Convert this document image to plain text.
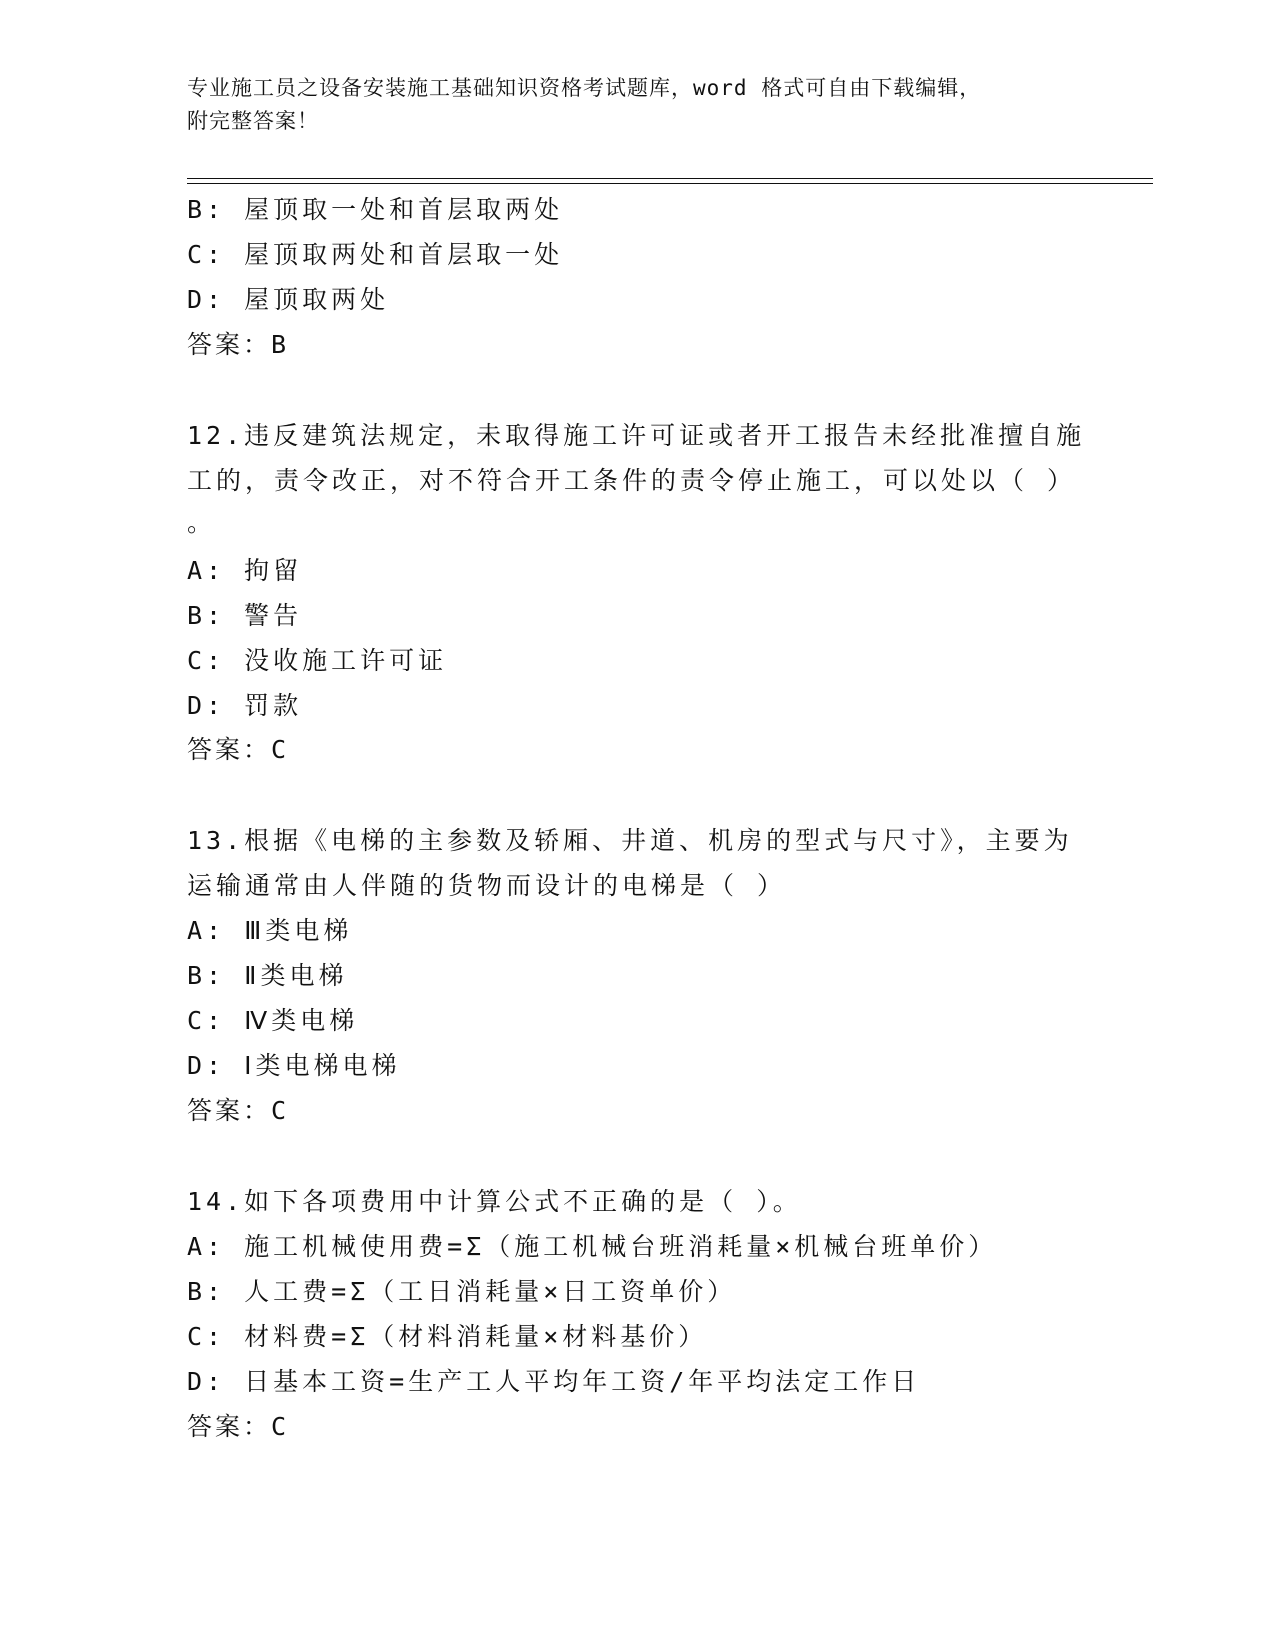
专业施工员之设备安装施工基础知识资格考试题库，word 格式可自由下载编辑，
附完整答案！
B: 屋顶取一处和首层取两处
C: 屋顶取两处和首层取一处
D: 屋顶取两处
答案：B
12.违反建筑法规定，未取得施工许可证或者开工报告未经批准擅自施
工的，责令改正，对不符合开工条件的责令停止施工，可以处以（ ）
。
A: 拘留
B: 警告
C: 没收施工许可证
D: 罚款
答案：C
13.根据《电梯的主参数及轿厢、井道、机房的型式与尺寸》，主要为
运输通常由人伴随的货物而设计的电梯是（ ）
A: Ⅲ类电梯
B: Ⅱ类电梯
C: Ⅳ类电梯
D: Ⅰ类电梯电梯
答案：C
14.如下各项费用中计算公式不正确的是（ ）。
A: 施工机械使用费=Σ（施工机械台班消耗量×机械台班单价）
B: 人工费=Σ（工日消耗量×日工资单价）
C: 材料费=Σ（材料消耗量×材料基价）
D: 日基本工资=生产工人平均年工资/年平均法定工作日
答案：C
